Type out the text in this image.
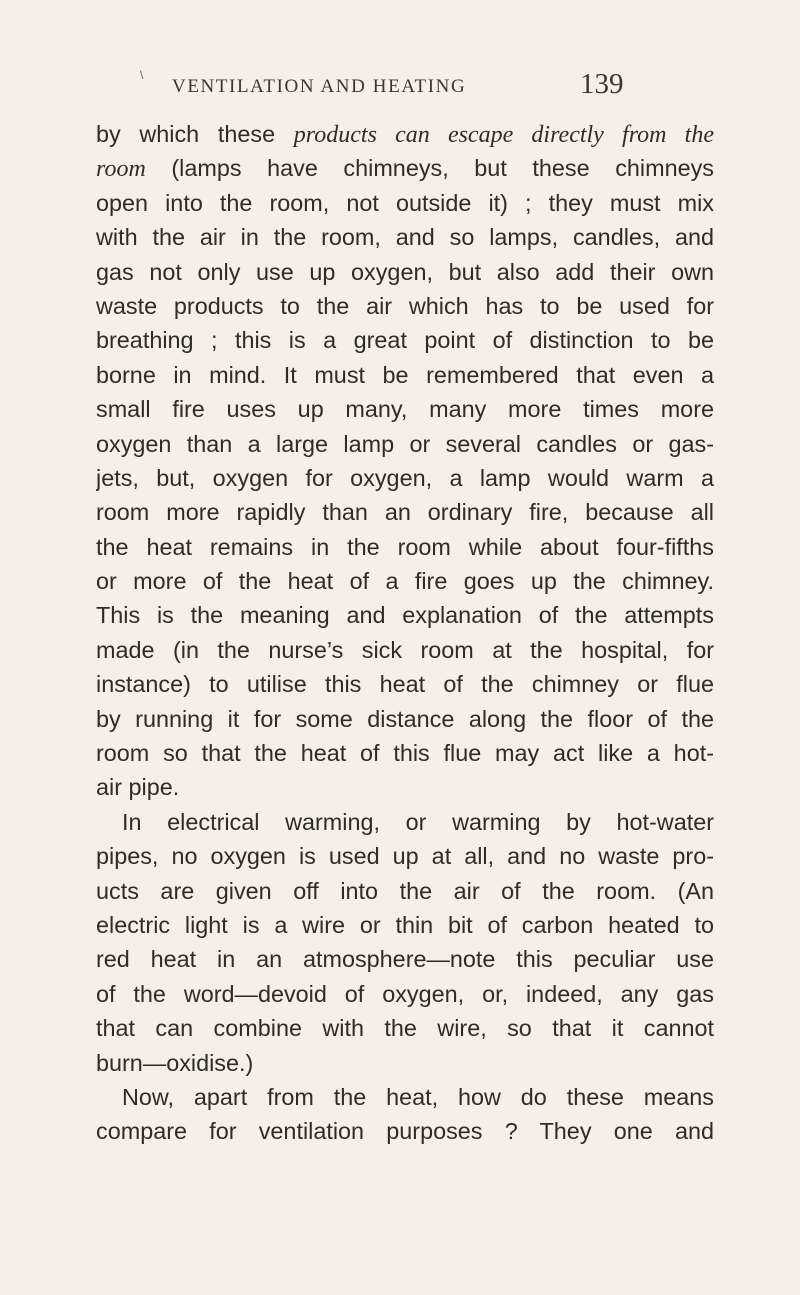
\
VENTILATION AND HEATING	139
by which these products can escape directly from the
room (lamps have chimneys, but these chimneys
open into the room, not outside it) ; they must mix
with the air in the room, and so lamps, candles, and
gas not only use up oxygen, but also add their own
waste products to the air which has to be used for
breathing ; this is a great point of distinction to be
borne in mind. It must be remembered that even a
small fire uses up many, many more times more
oxygen than a large lamp or several candles or gas-
jets, but, oxygen for oxygen, a lamp would warm a
room more rapidly than an ordinary fire, because all
the heat remains in the room while about four-fifths
or more of the heat of a fire goes up the chimney.
This is the meaning and explanation of the attempts
made (in the nurse’s sick room at the hospital, for
instance) to utilise this heat of the chimney or flue
by running it for some distance along the floor of the
room so that the heat of this flue may act like a hot-
air pipe.
In electrical warming, or warming by hot-water
pipes, no oxygen is used up at all, and no waste pro-
ucts are given off into the air of the room. (An
electric light is a wire or thin bit of carbon heated to
red heat in an atmosphere—note this peculiar use
of the word—devoid of oxygen, or, indeed, any gas
that can combine with the wire, so that it cannot
burn—oxidise.)
Now, apart from the heat, how do these means
compare for ventilation purposes ? They one and
